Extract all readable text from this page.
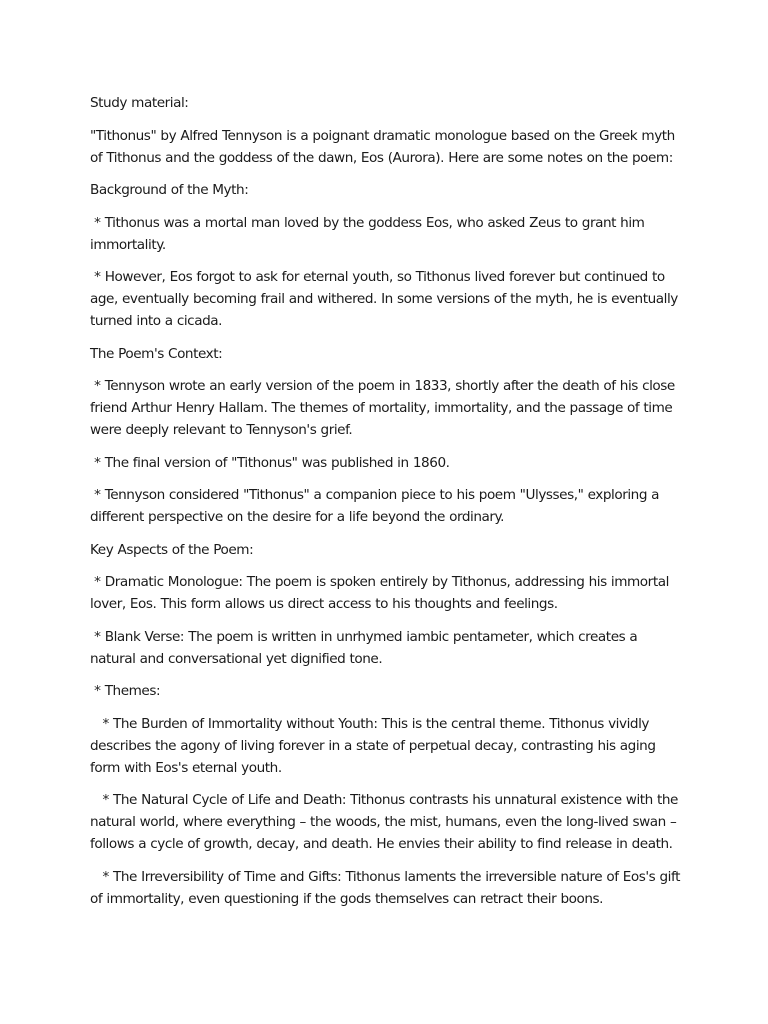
Study material:

"Tithonus" by Alfred Tennyson is a poignant dramatic monologue based on the Greek myth of Tithonus and the goddess of the dawn, Eos (Aurora). Here are some notes on the poem:

Background of the Myth:

* Tithonus was a mortal man loved by the goddess Eos, who asked Zeus to grant him immortality.

* However, Eos forgot to ask for eternal youth, so Tithonus lived forever but continued to age, eventually becoming frail and withered. In some versions of the myth, he is eventually turned into a cicada.

The Poem's Context:

* Tennyson wrote an early version of the poem in 1833, shortly after the death of his close friend Arthur Henry Hallam. The themes of mortality, immortality, and the passage of time were deeply relevant to Tennyson's grief.

* The final version of "Tithonus" was published in 1860.

* Tennyson considered "Tithonus" a companion piece to his poem "Ulysses," exploring a different perspective on the desire for a life beyond the ordinary.

Key Aspects of the Poem:

* Dramatic Monologue: The poem is spoken entirely by Tithonus, addressing his immortal lover, Eos. This form allows us direct access to his thoughts and feelings.

* Blank Verse: The poem is written in unrhymed iambic pentameter, which creates a natural and conversational yet dignified tone.

* Themes:

* The Burden of Immortality without Youth: This is the central theme. Tithonus vividly describes the agony of living forever in a state of perpetual decay, contrasting his aging form with Eos's eternal youth.

* The Natural Cycle of Life and Death: Tithonus contrasts his unnatural existence with the natural world, where everything – the woods, the mist, humans, even the long-lived swan – follows a cycle of growth, decay, and death. He envies their ability to find release in death.

* The Irreversibility of Time and Gifts: Tithonus laments the irreversible nature of Eos's gift of immortality, even questioning if the gods themselves can retract their boons.
